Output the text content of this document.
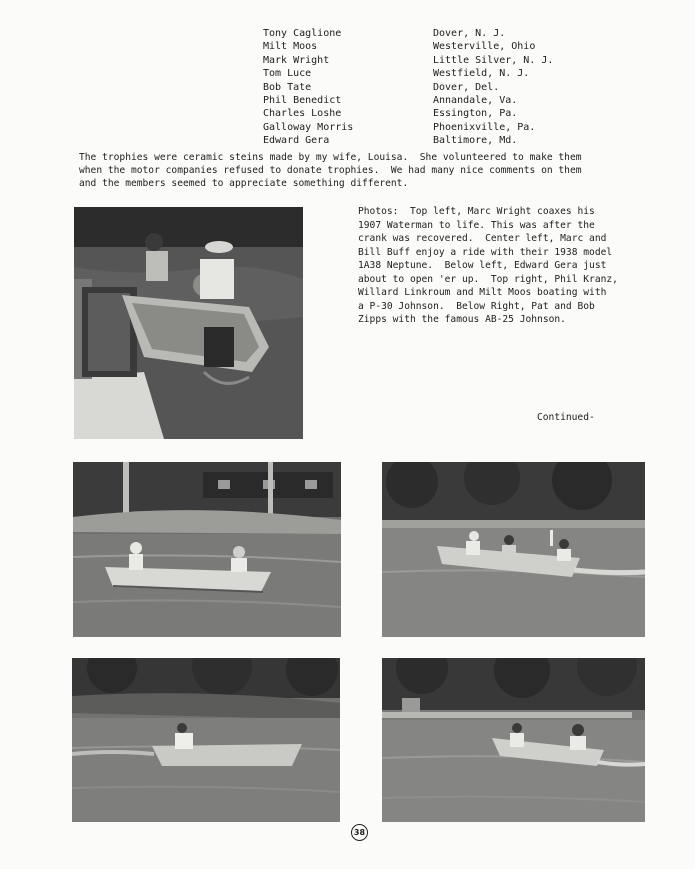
Tony Caglione	Dover, N. J.
Milt Moos	Westerville, Ohio
Mark Wright	Little Silver, N. J.
Tom Luce	Westfield, N. J.
Bob Tate	Dover, Del.
Phil Benedict	Annandale, Va.
Charles Loshe	Essington, Pa.
Galloway Morris	Phoenixville, Pa.
Edward Gera	Baltimore, Md.
The trophies were ceramic steins made by my wife, Louisa.  She volunteered to make them
when the motor companies refused to donate trophies.  We had many nice comments on them
and the members seemed to appreciate something different.
Photos:  Top left, Marc Wright coaxes his
1907 Waterman to life. This was after the
crank was recovered.  Center left, Marc and
Bill Buff enjoy a ride with their 1938 model
1A38 Neptune.  Below left, Edward Gera just
about to open 'er up.  Top right, Phil Kranz,
Willard Linkroum and Milt Moos boating with
a P-30 Johnson.  Below Right, Pat and Bob
Zipps with the famous AB-25 Johnson.
Continued-
38
